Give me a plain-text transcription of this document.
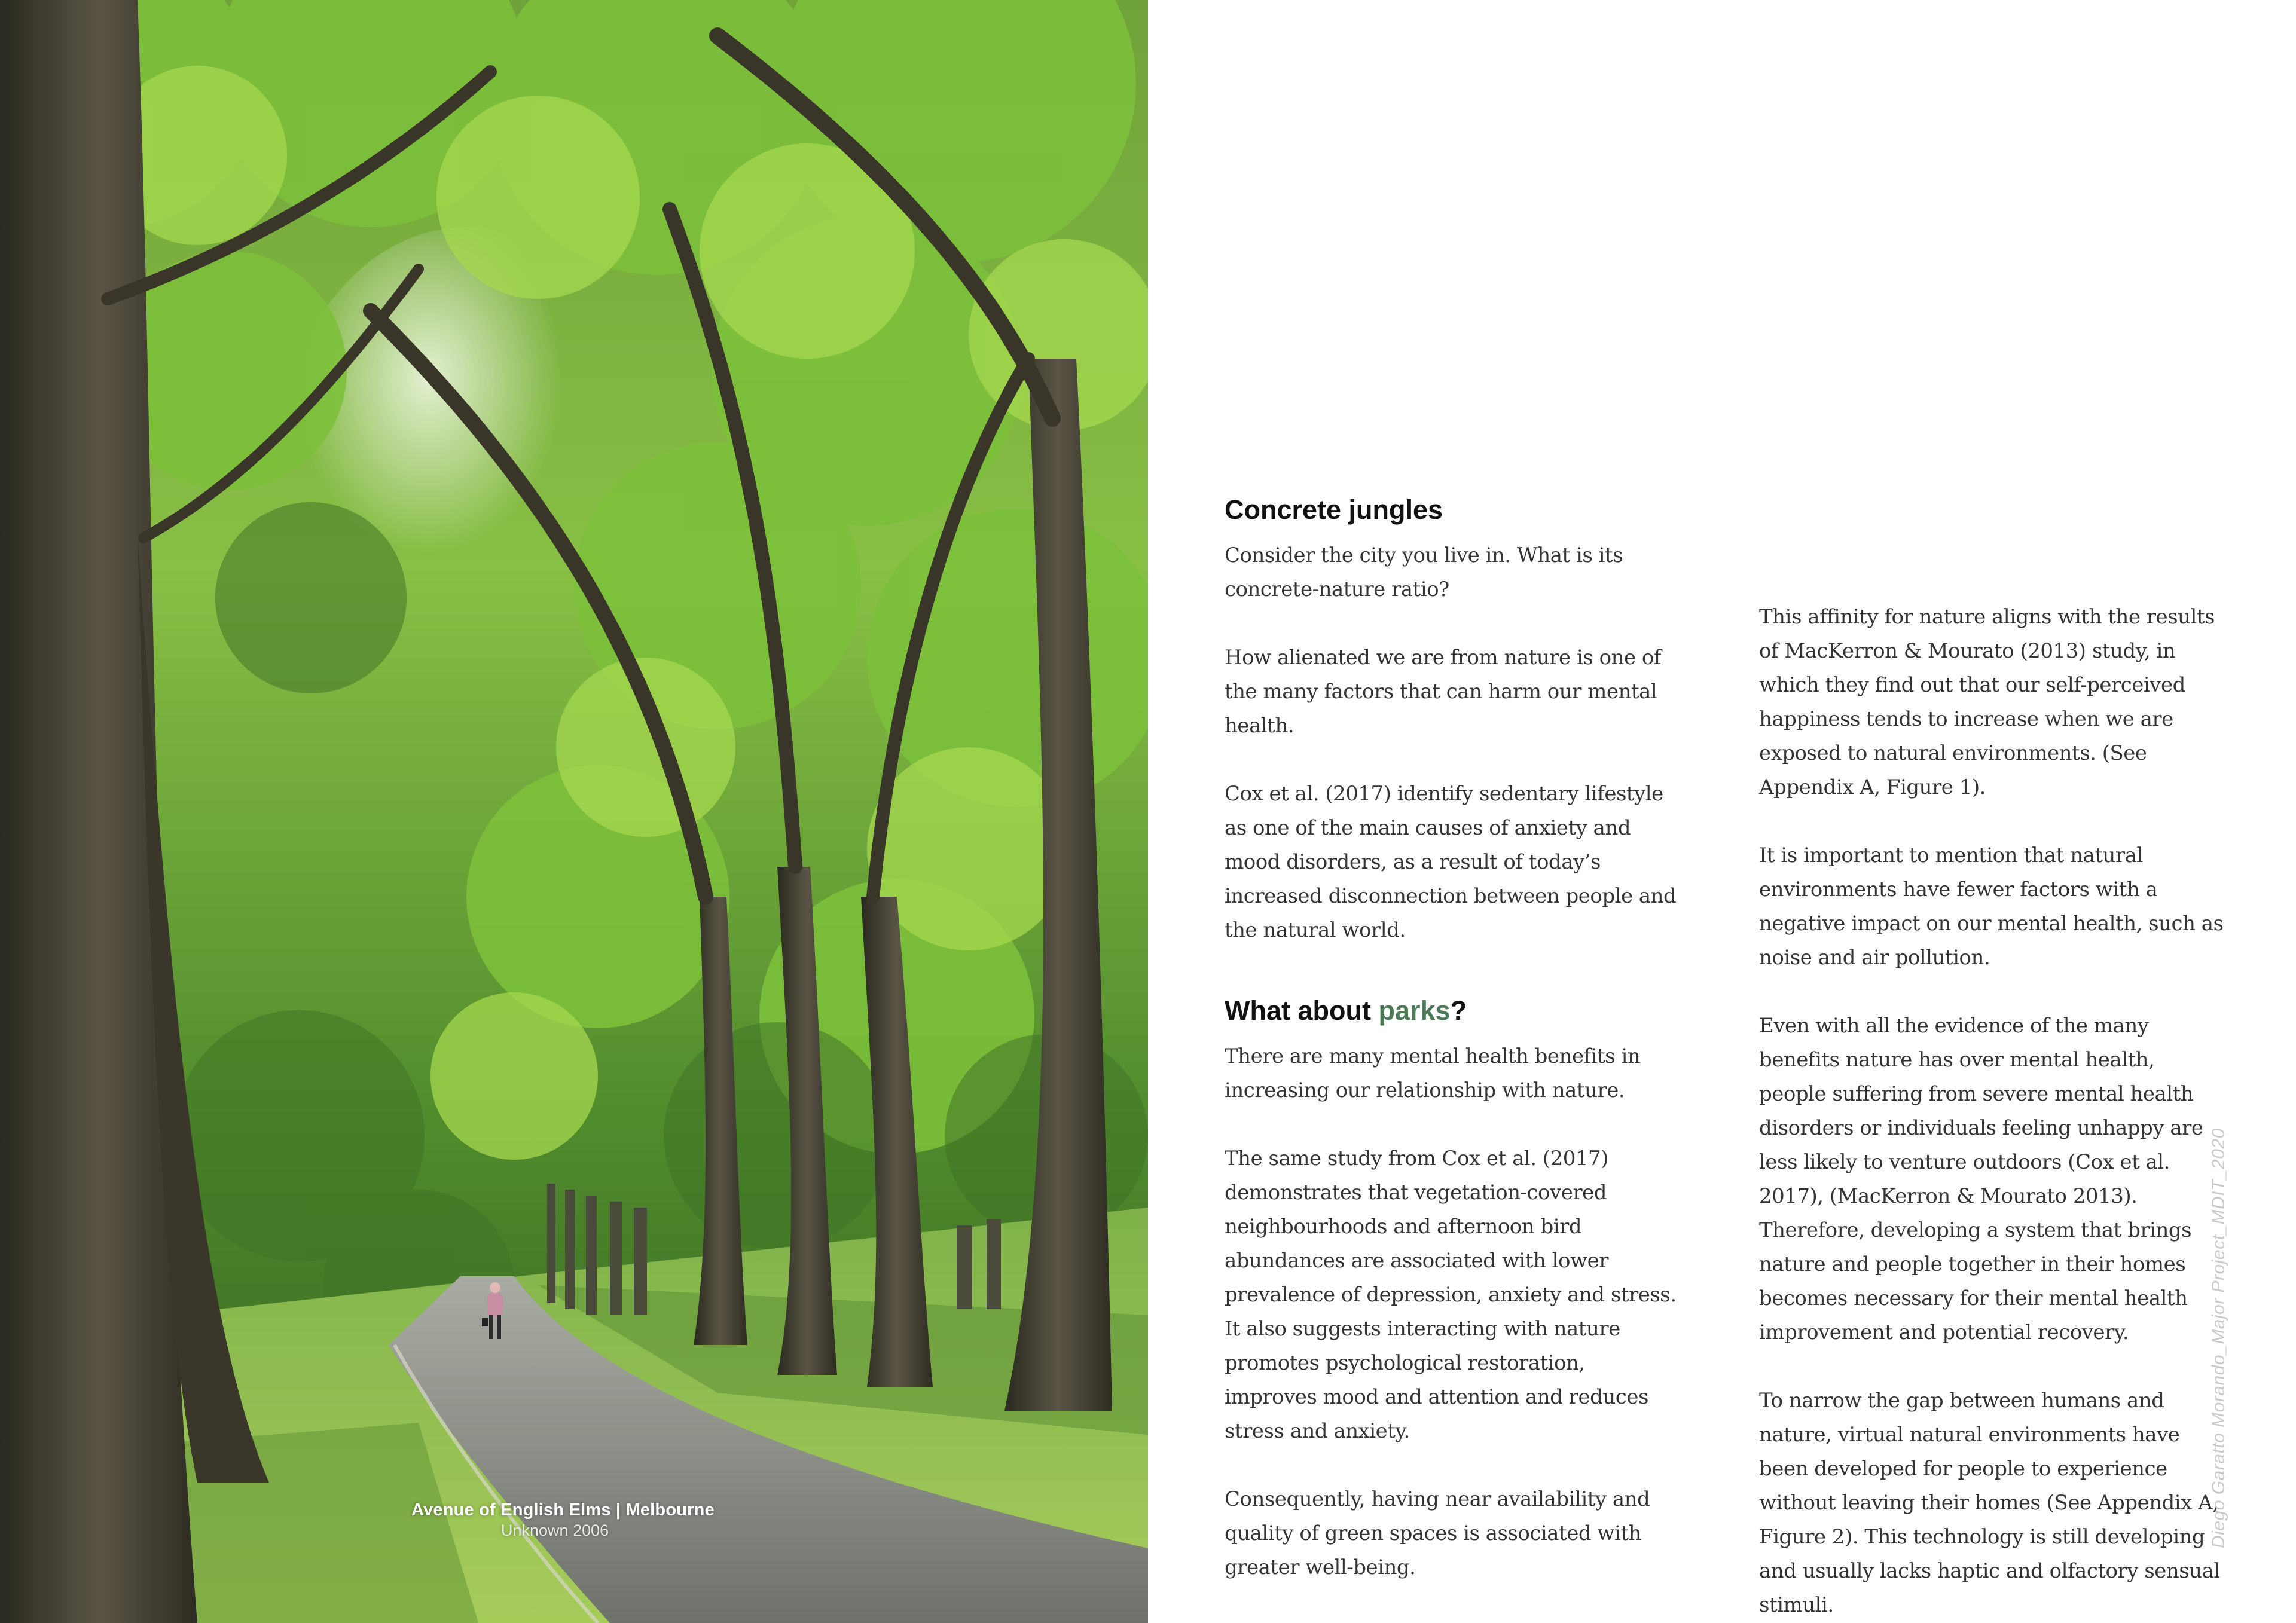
Avenue of English Elms | Melbourne
Unknown 2006
Concrete jungles

Consider the city you live in. What is its concrete-nature ratio?

How alienated we are from nature is one of the many factors that can harm our mental health.

Cox et al. (2017) identify sedentary lifestyle as one of the main causes of anxiety and mood disorders, as a result of today’s increased disconnection between people and the natural world.

What about parks?

There are many mental health benefits in increasing our relationship with nature.

The same study from Cox et al. (2017) demonstrates that vegetation-covered neighbourhoods and afternoon bird abundances are associated with lower prevalence of depression, anxiety and stress. It also suggests interacting with nature promotes psychological restoration, improves mood and attention and reduces stress and anxiety.

Consequently, having near availability and quality of green spaces is associated with greater well-being.

This affinity for nature aligns with the results of MacKerron & Mourato (2013) study, in which they find out that our self-perceived happiness tends to increase when we are exposed to natural environments. (See Appendix A, Figure 1).

It is important to mention that natural environments have fewer factors with a negative impact on our mental health, such as noise and air pollution.

Even with all the evidence of the many benefits nature has over mental health, people suffering from severe mental health disorders or individuals feeling unhappy are less likely to venture outdoors (Cox et al. 2017), (MacKerron & Mourato 2013). Therefore, developing a system that brings nature and people together in their homes becomes necessary for their mental health improvement and potential recovery.

To narrow the gap between humans and nature, virtual natural environments have been developed for people to experience without leaving their homes (See Appendix A, Figure 2). This technology is still developing and usually lacks haptic and olfactory sensual stimuli.

Diego Garatto Morando_Major Project_MDIT_2020
